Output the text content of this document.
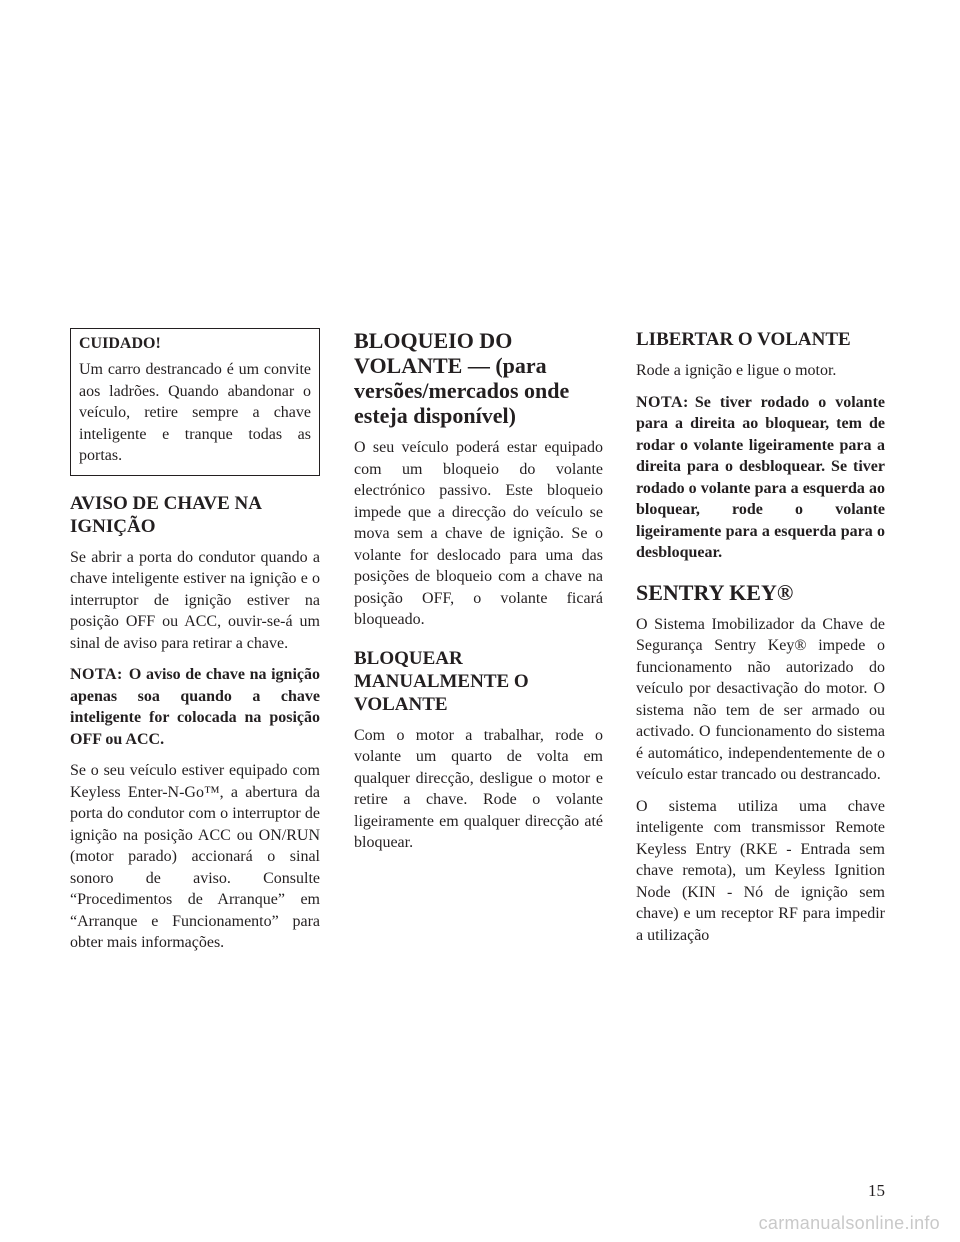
CUIDADO!

Um carro destrancado é um convite aos ladrões. Quando abandonar o veículo, retire sempre a chave inteligente e tranque todas as portas.

AVISO DE CHAVE NA IGNIÇÃO

Se abrir a porta do condutor quando a chave inteligente estiver na ignição e o interruptor de ignição estiver na posição OFF ou ACC, ouvir-se-á um sinal de aviso para retirar a chave.

NOTA: O aviso de chave na ignição apenas soa quando a chave inteligente for colocada na posição OFF ou ACC.

Se o seu veículo estiver equipado com Keyless Enter-N-Go™, a abertura da porta do condutor com o interruptor de ignição na posição ACC ou ON/RUN (motor parado) accionará o sinal sonoro de aviso. Consulte “Procedimentos de Arranque” em “Arranque e Funcionamento” para obter mais informações.

BLOQUEIO DO VOLANTE — (para versões/mercados onde esteja disponível)

O seu veículo poderá estar equipado com um bloqueio do volante electrónico passivo. Este bloqueio impede que a direcção do veículo se mova sem a chave de ignição. Se o volante for deslocado para uma das posições de bloqueio com a chave na posição OFF, o volante ficará bloqueado.

BLOQUEAR MANUALMENTE O VOLANTE

Com o motor a trabalhar, rode o volante um quarto de volta em qualquer direcção, desligue o motor e retire a chave. Rode o volante ligeiramente em qualquer direcção até bloquear.

LIBERTAR O VOLANTE

Rode a ignição e ligue o motor.

NOTA: Se tiver rodado o volante para a direita ao bloquear, tem de rodar o volante ligeiramente para a direita para o desbloquear. Se tiver rodado o volante para a esquerda ao bloquear, rode o volante ligeiramente para a esquerda para o desbloquear.

SENTRY KEY®

O Sistema Imobilizador da Chave de Segurança Sentry Key® impede o funcionamento não autorizado do veículo por desactivação do motor. O sistema não tem de ser armado ou activado. O funcionamento do sistema é automático, independentemente de o veículo estar trancado ou destrancado.

O sistema utiliza uma chave inteligente com transmissor Remote Keyless Entry (RKE - Entrada sem chave remota), um Keyless Ignition Node (KIN - Nó de ignição sem chave) e um receptor RF para impedir a utilização

15
carmanualsonline.info
